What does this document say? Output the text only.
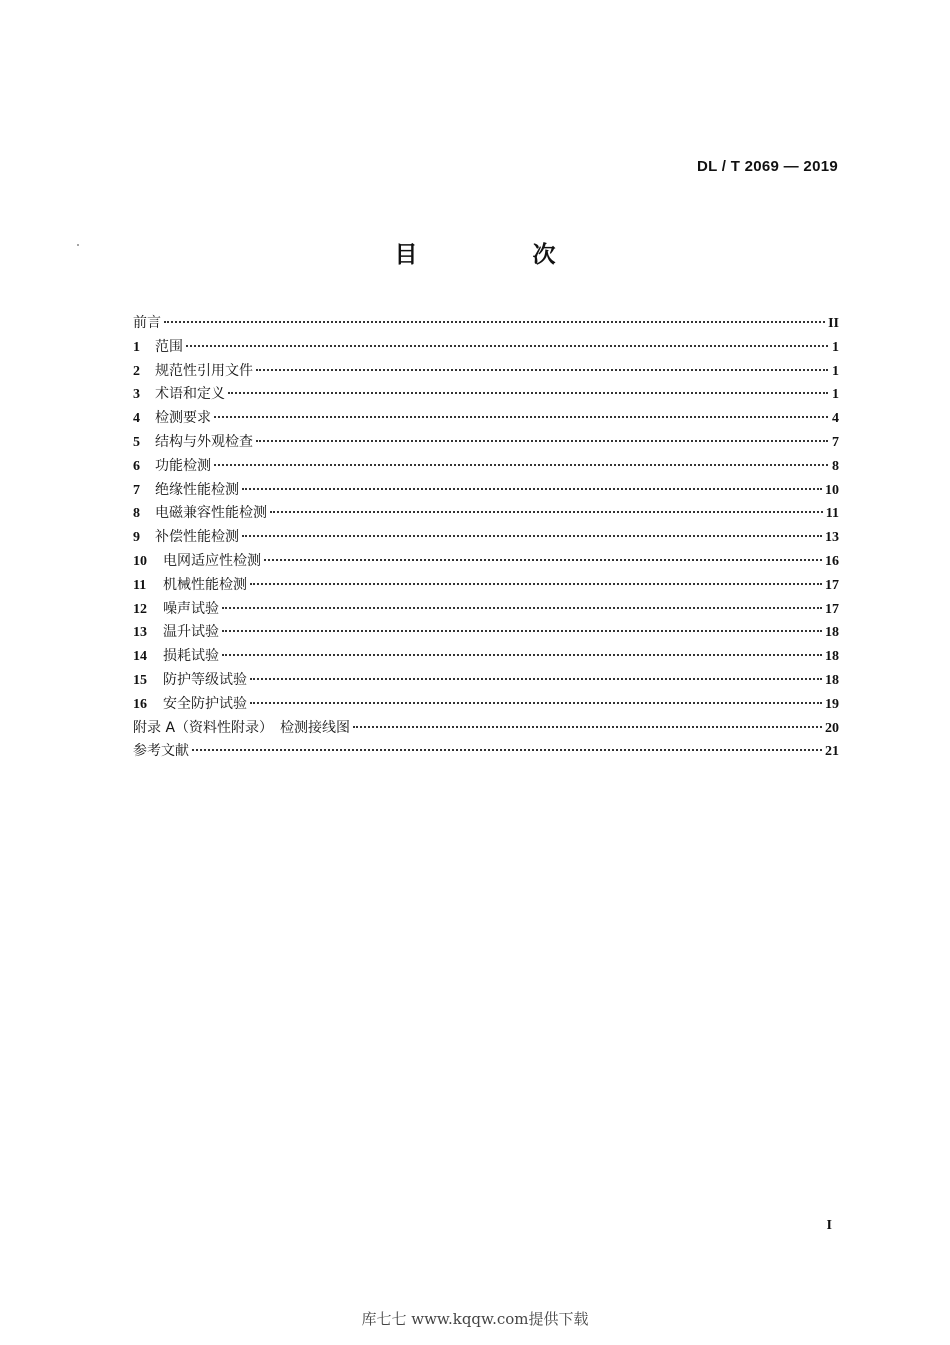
DL / T 2069 — 2019
目　次
前言	II
1	范围	1
2	规范性引用文件	1
3	术语和定义	1
4	检测要求	4
5	结构与外观检查	7
6	功能检测	8
7	绝缘性能检测	10
8	电磁兼容性能检测	11
9	补偿性能检测	13
10	电网适应性检测	16
11	机械性能检测	17
12	噪声试验	17
13	温升试验	18
14	损耗试验	18
15	防护等级试验	18
16	安全防护试验	19
附录 A（资料性附录）　检测接线图	20
参考文献	21
I
库七七 www.kqqw.com提供下载
